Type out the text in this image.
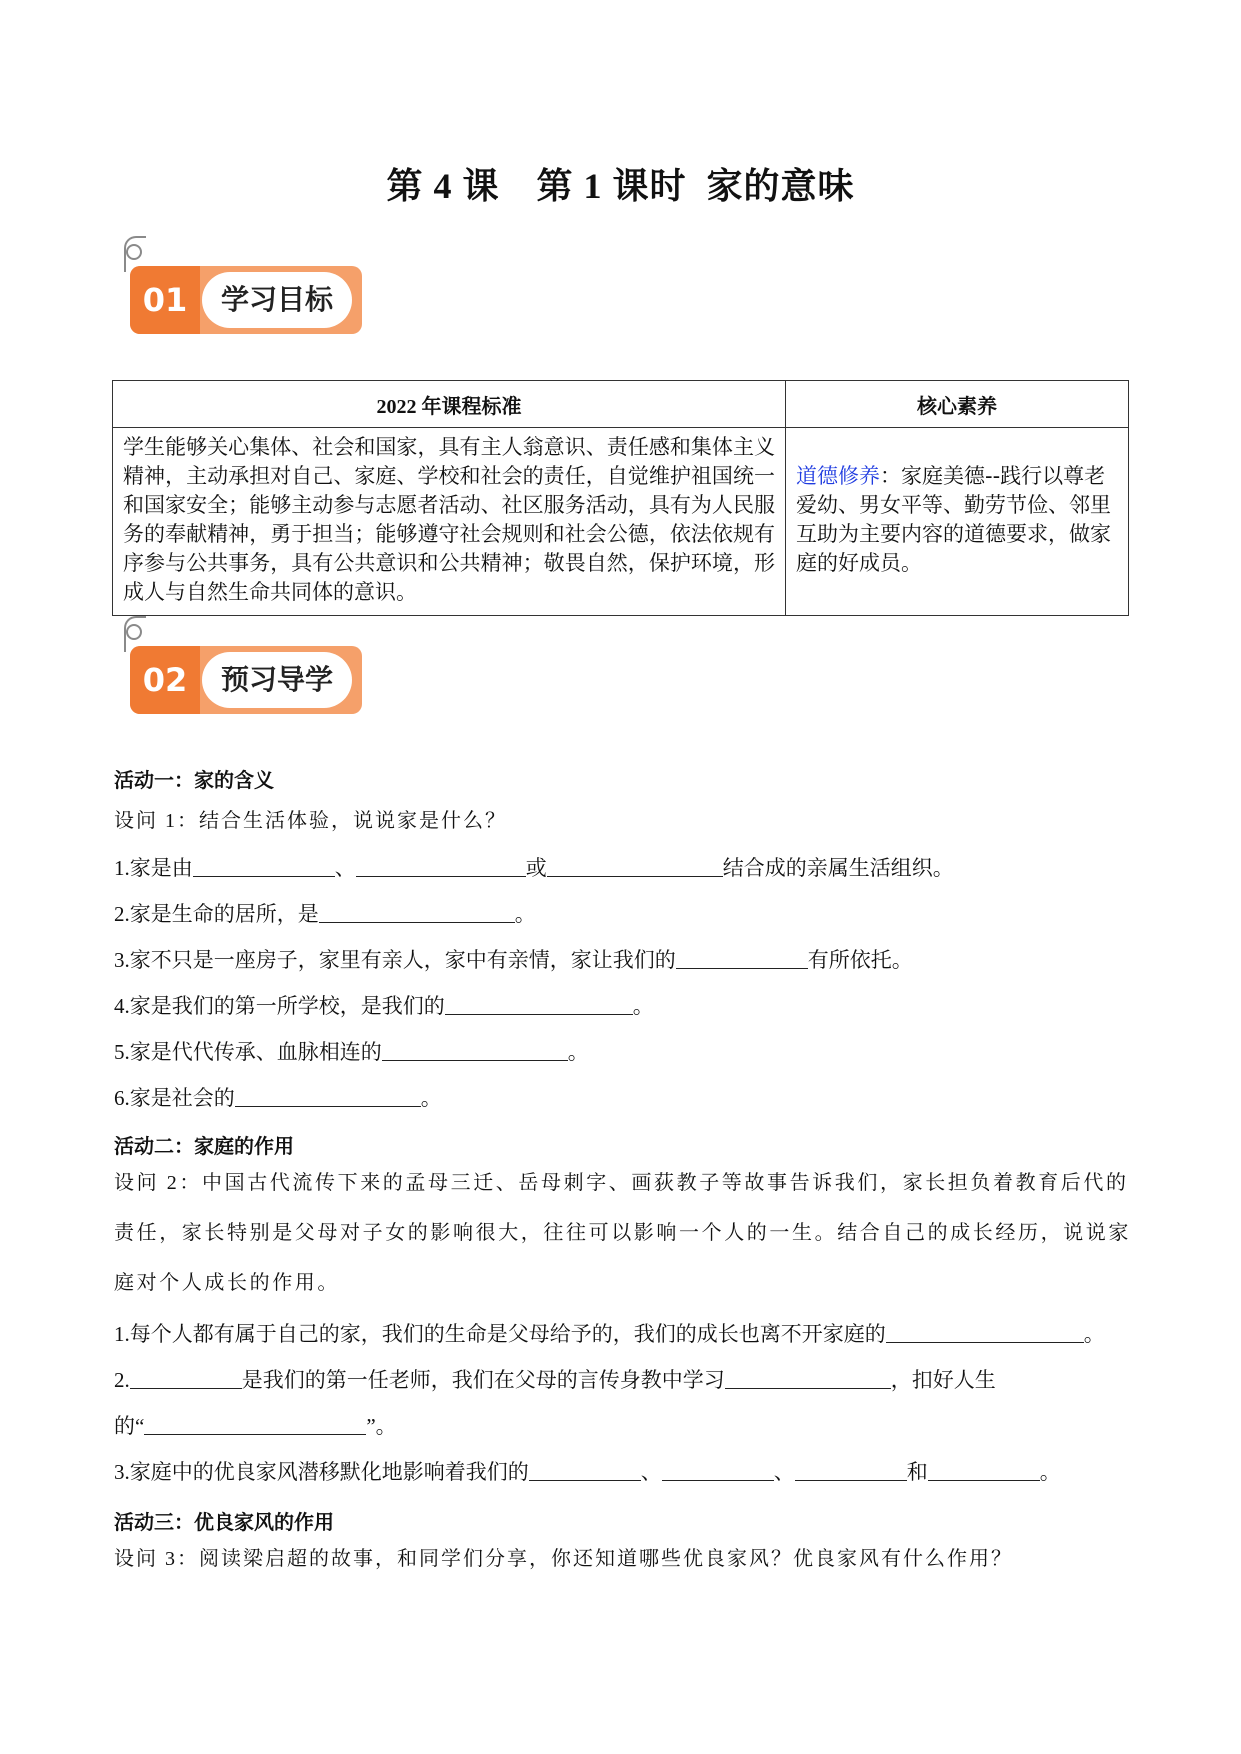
第 4 课　第 1 课时  家的意味
01	学习目标
2022 年课程标准	核心素养
学生能够关心集体、社会和国家，具有主人翁意识、责任感和集体主义精神，主动承担对自己、家庭、学校和社会的责任，自觉维护祖国统一和国家安全；能够主动参与志愿者活动、社区服务活动，具有为人民服务的奉献精神，勇于担当；能够遵守社会规则和社会公德，依法依规有序参与公共事务，具有公共意识和公共精神；敬畏自然，保护环境，形成人与自然生命共同体的意识。	道德修养：家庭美德--践行以尊老爱幼、男女平等、勤劳节俭、邻里互助为主要内容的道德要求，做家庭的好成员。
02	预习导学
活动一：家的含义
设问 1：结合生活体验，说说家是什么？
1.家是由	、	或	结合成的亲属生活组织。
2.家是生命的居所，是	。
3.家不只是一座房子，家里有亲人，家中有亲情，家让我们的	有所依托。
4.家是我们的第一所学校，是我们的	。
5.家是代代传承、血脉相连的	。
6.家是社会的	。
活动二：家庭的作用
设问 2：中国古代流传下来的孟母三迁、岳母刺字、画荻教子等故事告诉我们，家长担负着教育后代的责任，家长特别是父母对子女的影响很大，往往可以影响一个人的一生。结合自己的成长经历，说说家庭对个人成长的作用。
1.每个人都有属于自己的家，我们的生命是父母给予的，我们的成长也离不开家庭的	。
2.	是我们的第一任老师，我们在父母的言传身教中学习	，扣好人生
的“	”。
3.家庭中的优良家风潜移默化地影响着我们的	、	、	和	。
活动三：优良家风的作用
设问 3：阅读梁启超的故事，和同学们分享，你还知道哪些优良家风？优良家风有什么作用？
